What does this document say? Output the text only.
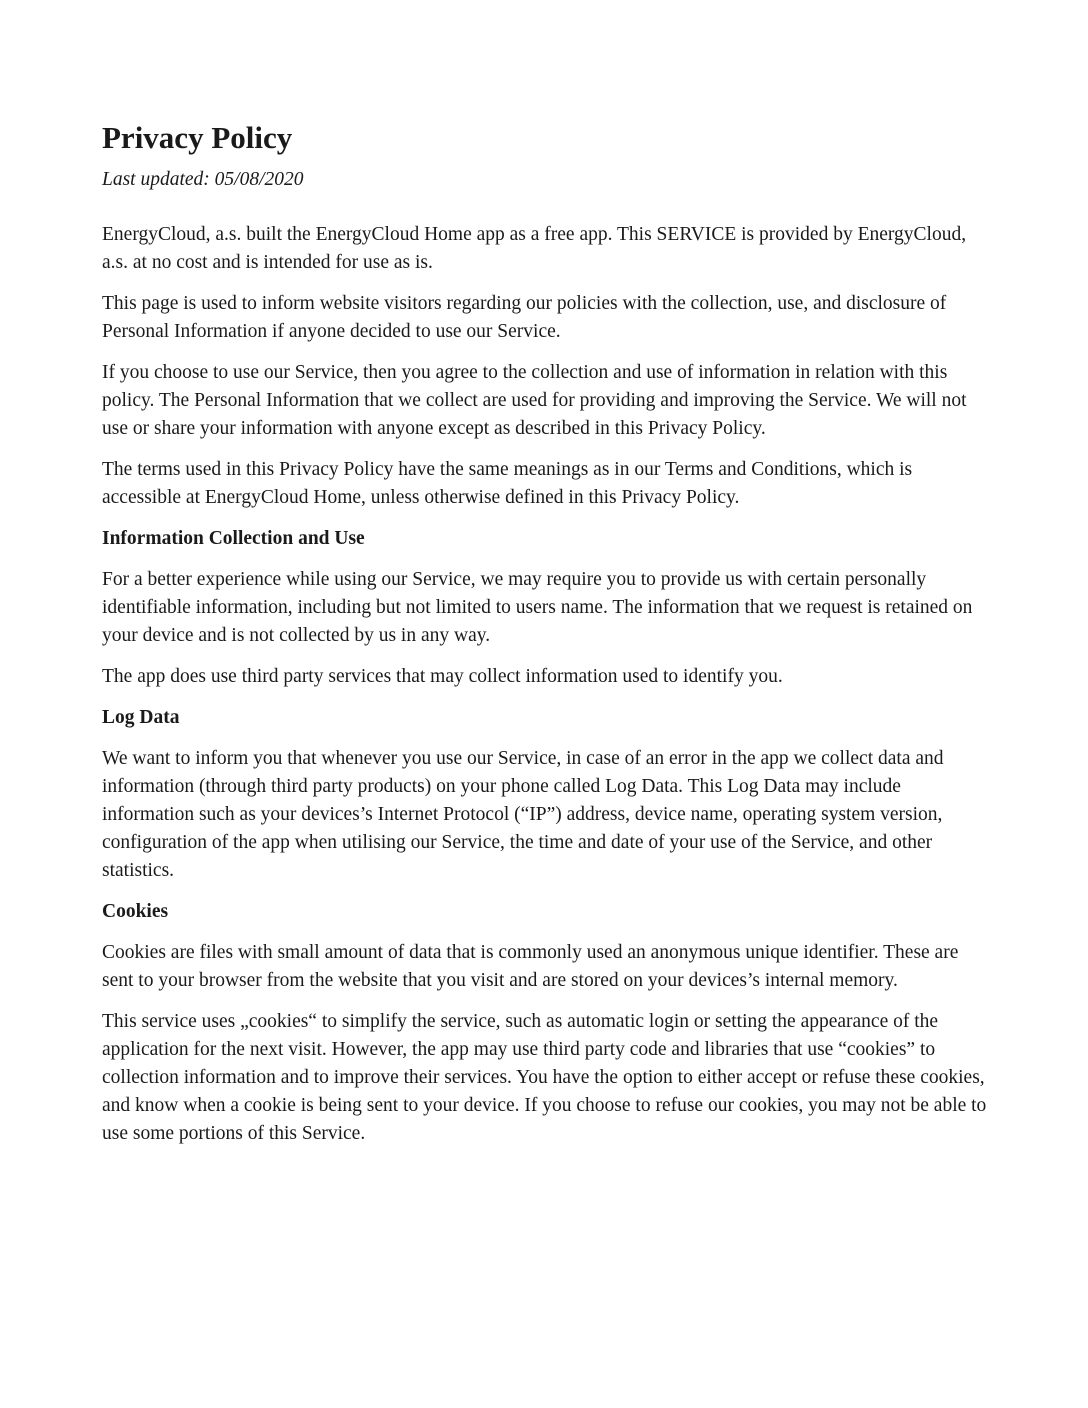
Privacy Policy

Last updated: 05/08/2020

EnergyCloud, a.s. built the EnergyCloud Home app as a free app. This SERVICE is provided by EnergyCloud, a.s. at no cost and is intended for use as is.

This page is used to inform website visitors regarding our policies with the collection, use, and disclosure of Personal Information if anyone decided to use our Service.

If you choose to use our Service, then you agree to the collection and use of information in relation with this policy. The Personal Information that we collect are used for providing and improving the Service. We will not use or share your information with anyone except as described in this Privacy Policy.

The terms used in this Privacy Policy have the same meanings as in our Terms and Conditions, which is accessible at EnergyCloud Home, unless otherwise defined in this Privacy Policy.

Information Collection and Use

For a better experience while using our Service, we may require you to provide us with certain personally identifiable information, including but not limited to users name. The information that we request is retained on your device and is not collected by us in any way.

The app does use third party services that may collect information used to identify you.

Log Data

We want to inform you that whenever you use our Service, in case of an error in the app we collect data and information (through third party products) on your phone called Log Data. This Log Data may include information such as your devices’s Internet Protocol (“IP”) address, device name, operating system version, configuration of the app when utilising our Service, the time and date of your use of the Service, and other statistics.

Cookies

Cookies are files with small amount of data that is commonly used an anonymous unique identifier. These are sent to your browser from the website that you visit and are stored on your devices’s internal memory.

This service uses „cookies“ to simplify the service, such as automatic login or setting the appearance of the application for the next visit. However, the app may use third party code and libraries that use “cookies” to collection information and to improve their services. You have the option to either accept or refuse these cookies, and know when a cookie is being sent to your device. If you choose to refuse our cookies, you may not be able to use some portions of this Service.
